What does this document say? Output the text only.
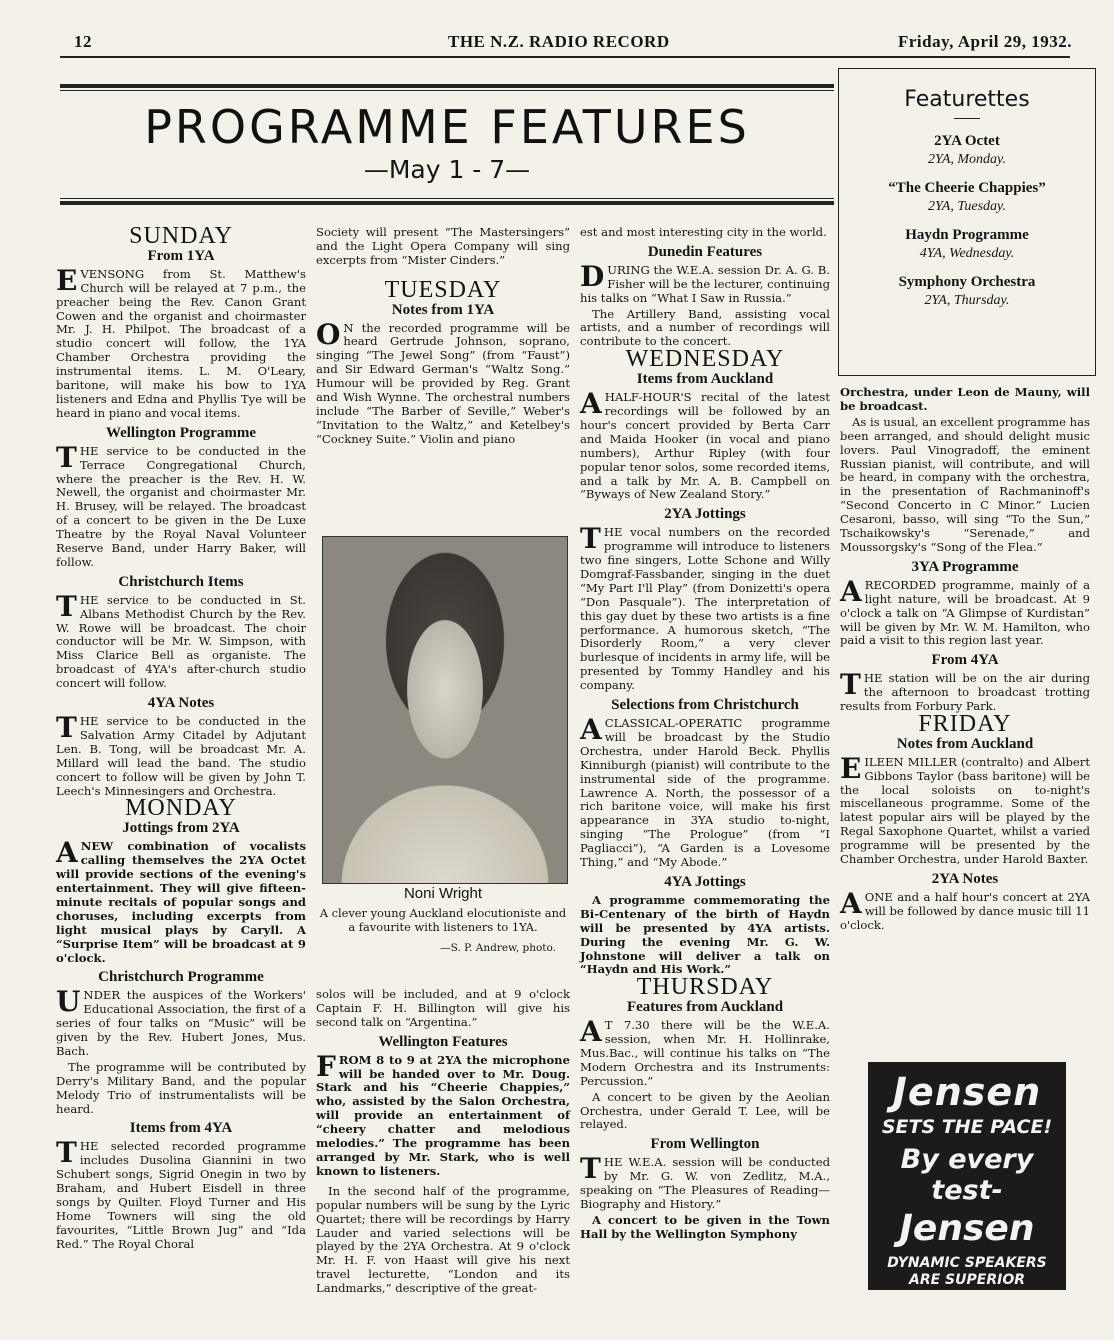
12	THE N.Z. RADIO RECORD	Friday, April 29, 1932.
PROGRAMME FEATURES
—May 1 - 7—
Featurettes
2YA Octet
2YA, Monday.
“The Cheerie Chappies”
2YA, Tuesday.
Haydn Programme
4YA, Wednesday.
Symphony Orchestra
2YA, Thursday.
SUNDAY
From 1YA

EVENSONG from St. Matthew's Church will be relayed at 7 p.m., the preacher being the Rev. Canon Grant Cowen and the organist and choirmaster Mr. J. H. Philpot. The broadcast of a studio concert will follow, the 1YA Chamber Orchestra providing the instrumental items. L. M. O'Leary, baritone, will make his bow to 1YA listeners and Edna and Phyllis Tye will be heard in piano and vocal items.

Wellington Programme

THE service to be conducted in the Terrace Congregational Church, where the preacher is the Rev. H. W. Newell, the organist and choirmaster Mr. H. Brusey, will be relayed. The broadcast of a concert to be given in the De Luxe Theatre by the Royal Naval Volunteer Reserve Band, under Harry Baker, will follow.

Christchurch Items

THE service to be conducted in St. Albans Methodist Church by the Rev. W. Rowe will be broadcast. The choir conductor will be Mr. W. Simpson, with Miss Clarice Bell as organiste. The broadcast of 4YA's after-church studio concert will follow.

4YA Notes

THE service to be conducted in the Salvation Army Citadel by Adjutant Len. B. Tong, will be broadcast Mr. A. Millard will lead the band. The studio concert to follow will be given by John T. Leech's Minnesingers and Orchestra.

MONDAY
Jottings from 2YA

ANEW combination of vocalists calling themselves the 2YA Octet will provide sections of the evening's entertainment. They will give fifteen-minute recitals of popular songs and choruses, including excerpts from light musical plays by Caryll. A “Surprise Item” will be broadcast at 9 o'clock.

Christchurch Programme

UNDER the auspices of the Workers' Educational Association, the first of a series of four talks on “Music” will be given by the Rev. Hubert Jones, Mus. Bach.

The programme will be contributed by Derry's Military Band, and the popular Melody Trio of instrumentalists will be heard.

Items from 4YA

THE selected recorded programme includes Dusolina Giannini in two Schubert songs, Sigrid Onegin in two by Braham, and Hubert Eisdell in three songs by Quilter. Floyd Turner and His Home Towners will sing the old favourites, “Little Brown Jug” and “Ida Red.” The Royal Choral

Society will present “The Mastersingers” and the Light Opera Company will sing excerpts from “Mister Cinders.”

TUESDAY
Notes from 1YA

ON the recorded programme will be heard Gertrude Johnson, soprano, singing “The Jewel Song” (from “Faust”) and Sir Edward German's “Waltz Song.” Humour will be provided by Reg. Grant and Wish Wynne. The orchestral numbers include “The Barber of Seville,” Weber's “Invitation to the Waltz,” and Ketelbey's “Cockney Suite.” Violin and piano

Noni Wright
A clever young Auckland elocutioniste and a favourite with listeners to 1YA.
—S. P. Andrew, photo.

solos will be included, and at 9 o'clock Captain F. H. Billington will give his second talk on “Argentina.”

Wellington Features

FROM 8 to 9 at 2YA the microphone will be handed over to Mr. Doug. Stark and his “Cheerie Chappies,” who, assisted by the Salon Orchestra, will provide an entertainment of “cheery chatter and melodious melodies.” The programme has been arranged by Mr. Stark, who is well known to listeners.

In the second half of the programme, popular numbers will be sung by the Lyric Quartet; there will be recordings by Harry Lauder and varied selections will be played by the 2YA Orchestra. At 9 o'clock Mr. H. F. von Haast will give his next travel lecturette, “London and its Landmarks,” descriptive of the great-

est and most interesting city in the world.

Dunedin Features

DURING the W.E.A. session Dr. A. G. B. Fisher will be the lecturer, continuing his talks on “What I Saw in Russia.”

The Artillery Band, assisting vocal artists, and a number of recordings will contribute to the concert.

WEDNESDAY
Items from Auckland

AHALF-HOUR'S recital of the latest recordings will be followed by an hour's concert provided by Berta Carr and Maida Hooker (in vocal and piano numbers), Arthur Ripley (with four popular tenor solos, some recorded items, and a talk by Mr. A. B. Campbell on “Byways of New Zealand Story.”

2YA Jottings

THE vocal numbers on the recorded programme will introduce to listeners two fine singers, Lotte Schone and Willy Domgraf-Fassbander, singing in the duet “My Part I'll Play” (from Donizetti's opera “Don Pasquale”). The interpretation of this gay duet by these two artists is a fine performance. A humorous sketch, “The Disorderly Room,” a very clever burlesque of incidents in army life, will be presented by Tommy Handley and his company.

Selections from Christchurch

ACLASSICAL-OPERATIC programme will be broadcast by the Studio Orchestra, under Harold Beck. Phyllis Kinniburgh (pianist) will contribute to the instrumental side of the programme. Lawrence A. North, the possessor of a rich baritone voice, will make his first appearance in 3YA studio to-night, singing “The Prologue” (from “I Pagliacci”), “A Garden is a Lovesome Thing,” and “My Abode.”

4YA Jottings

A programme commemorating the Bi-Centenary of the birth of Haydn will be presented by 4YA artists. During the evening Mr. G. W. Johnstone will deliver a talk on “Haydn and His Work.”

THURSDAY
Features from Auckland

AT 7.30 there will be the W.E.A. session, when Mr. H. Hollinrake, Mus.Bac., will continue his talks on “The Modern Orchestra and its Instruments: Percussion.”

A concert to be given by the Aeolian Orchestra, under Gerald T. Lee, will be relayed.

From Wellington

THE W.E.A. session will be conducted by Mr. G. W. von Zedlitz, M.A., speaking on “The Pleasures of Reading—Biography and History.”

A concert to be given in the Town Hall by the Wellington Symphony

Orchestra, under Leon de Mauny, will be broadcast.

As is usual, an excellent programme has been arranged, and should delight music lovers. Paul Vinogradoff, the eminent Russian pianist, will contribute, and will be heard, in company with the orchestra, in the presentation of Rachmaninoff's “Second Concerto in C Minor.” Lucien Cesaroni, basso, will sing “To the Sun,” Tschaikowsky's “Serenade,” and Moussorgsky's “Song of the Flea.”

3YA Programme

ARECORDED programme, mainly of a light nature, will be broadcast. At 9 o'clock a talk on “A Glimpse of Kurdistan” will be given by Mr. W. M. Hamilton, who paid a visit to this region last year.

From 4YA

THE station will be on the air during the afternoon to broadcast trotting results from Forbury Park.

FRIDAY
Notes from Auckland

EILEEN MILLER (contralto) and Albert Gibbons Taylor (bass baritone) will be the local soloists on to-night's miscellaneous programme. Some of the latest popular airs will be played by the Regal Saxophone Quartet, whilst a varied programme will be presented by the Chamber Orchestra, under Harold Baxter.

2YA Notes

AONE and a half hour's concert at 2YA will be followed by dance music till 11 o'clock.

Jensen
SETS THE PACE!
By every test-
Jensen
DYNAMIC SPEAKERS
ARE SUPERIOR
